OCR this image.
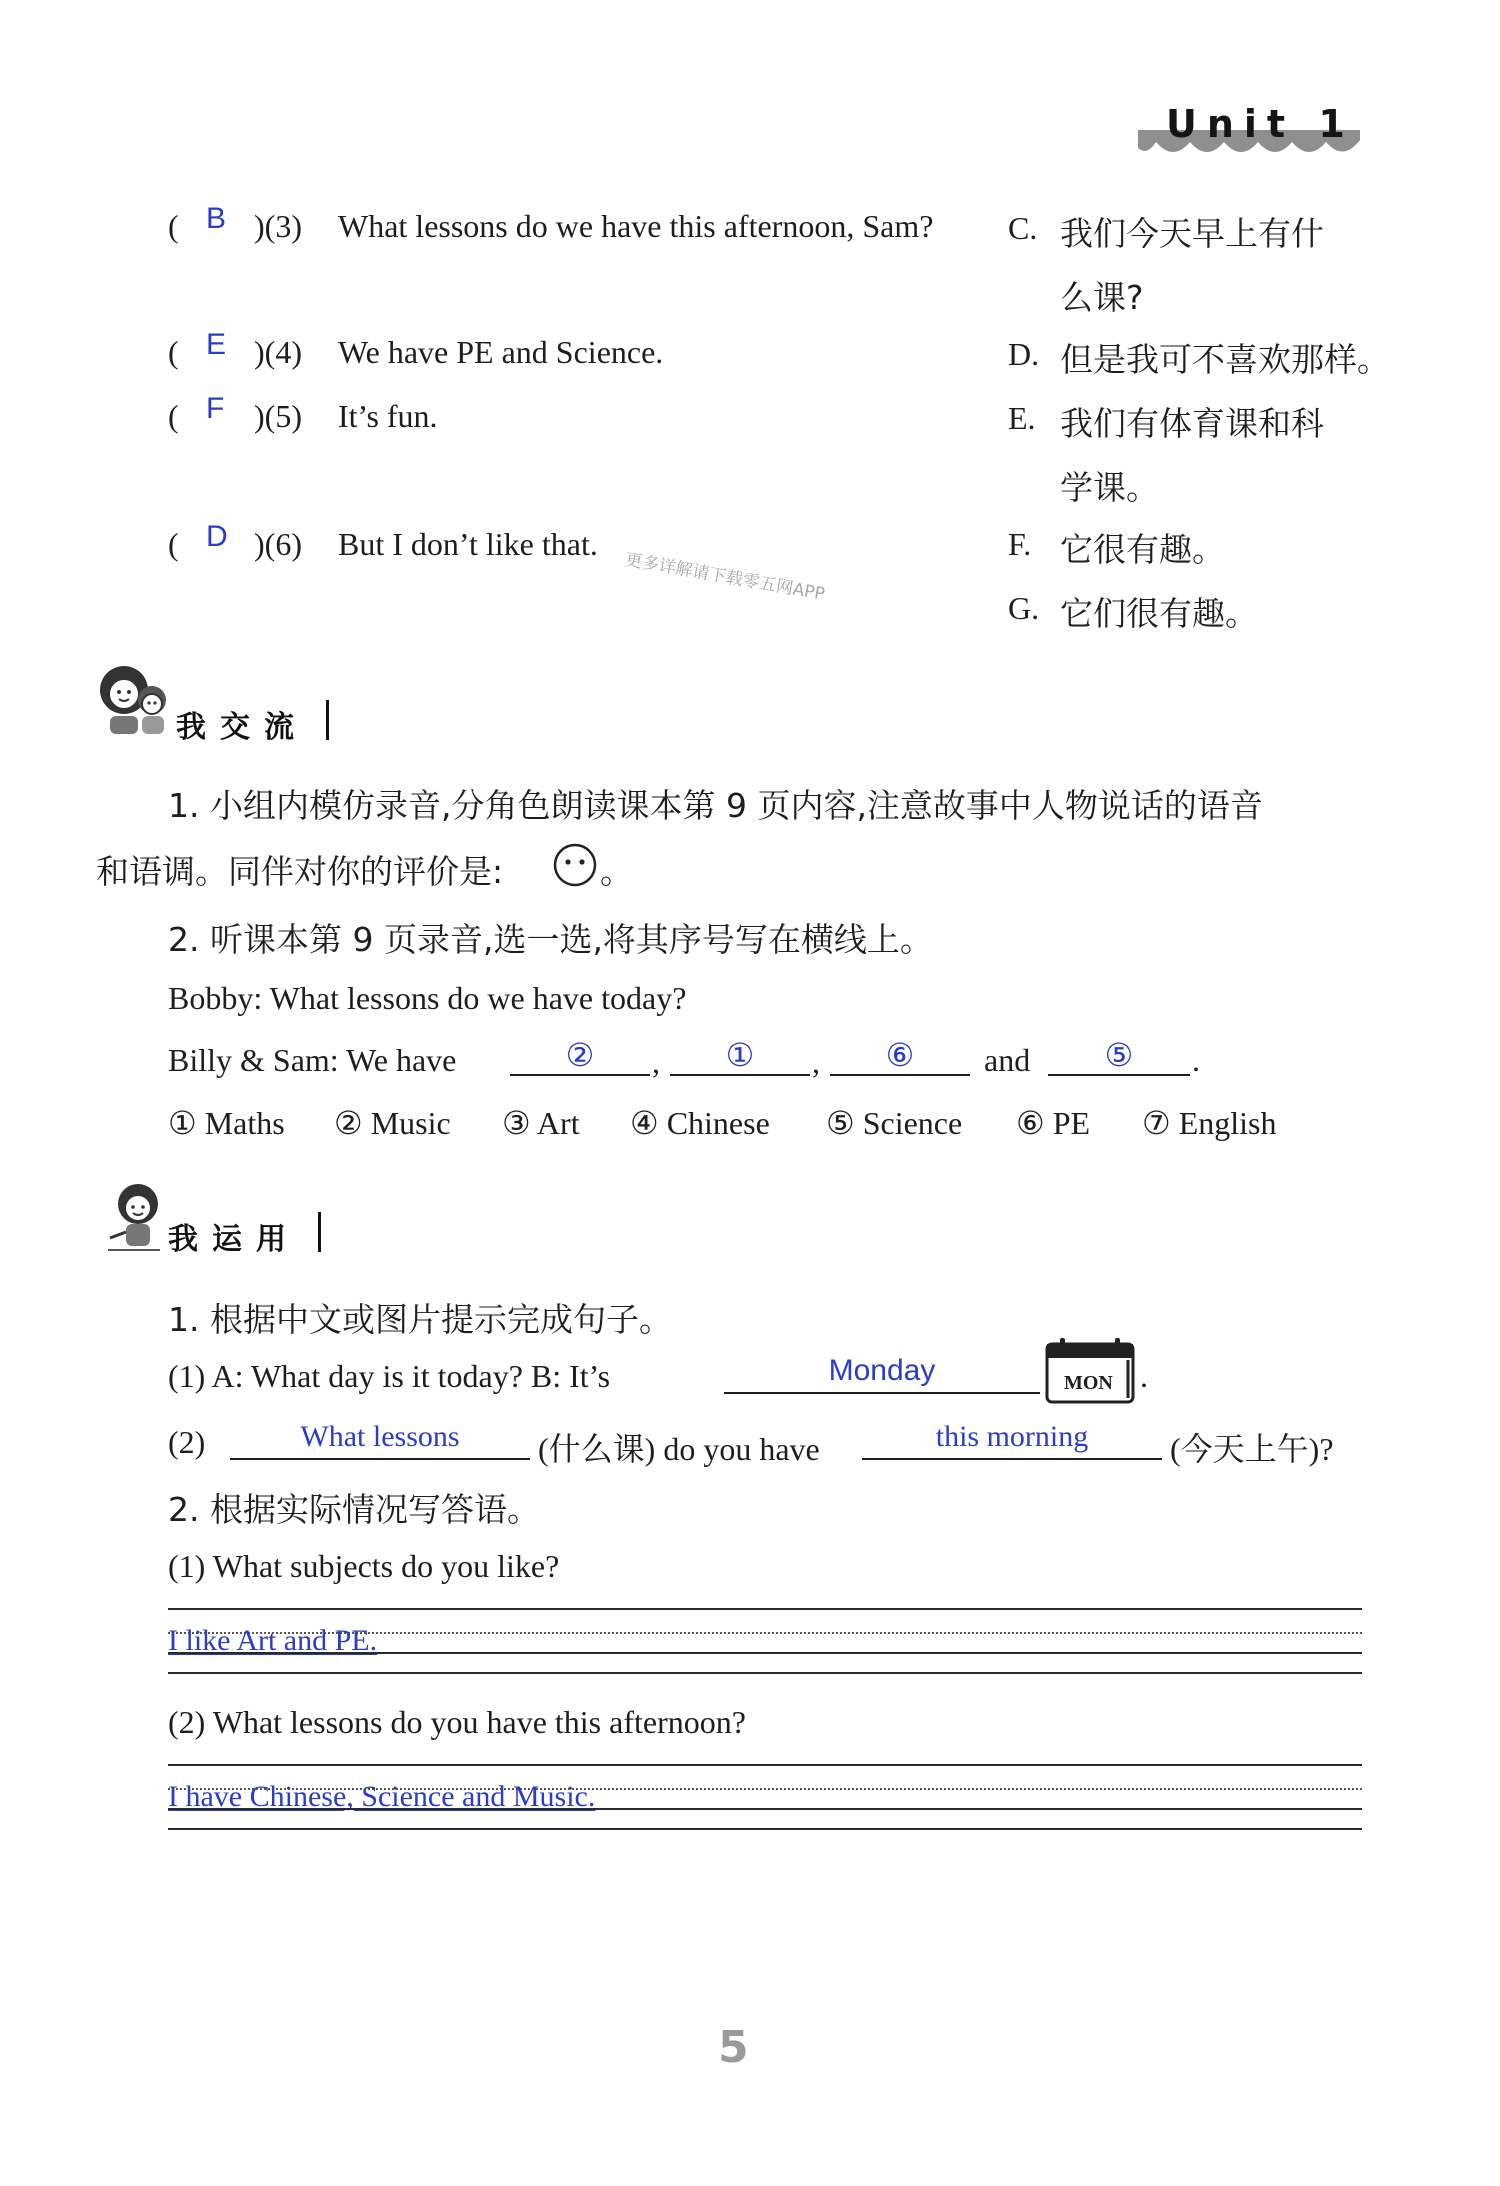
Unit 1
( B )(3) What lessons do we have this afternoon, Sam?
( E )(4) We have PE and Science.
( F )(5) It’s fun.
( D )(6) But I don’t like that.
更多详解请下载零五网APP
C. 我们今天早上有什
么课?
D. 但是我可不喜欢那样。
E. 我们有体育课和科
学课。
F. 它很有趣。
G. 它们很有趣。
我交流
1. 小组内模仿录音,分角色朗读课本第 9 页内容,注意故事中人物说话的语音
和语调。同伴对你的评价是:	。
2. 听课本第 9 页录音,选一选,将其序号写在横线上。
Bobby: What lessons do we have today?
Billy & Sam: We have	②	,	①	,	⑥	and	⑤	.
① Maths ② Music ③ Art ④ Chinese ⑤ Science ⑥ PE ⑦ English
我运用
1. 根据中文或图片提示完成句子。
(1) A: What day is it today? B: It’s	Monday	MON .
(2)	What lessons	(什么课) do you have	this morning	(今天上午)?
2. 根据实际情况写答语。
(1) What subjects do you like?
I like Art and PE.
(2) What lessons do you have this afternoon?
I have Chinese, Science and Music.
5
